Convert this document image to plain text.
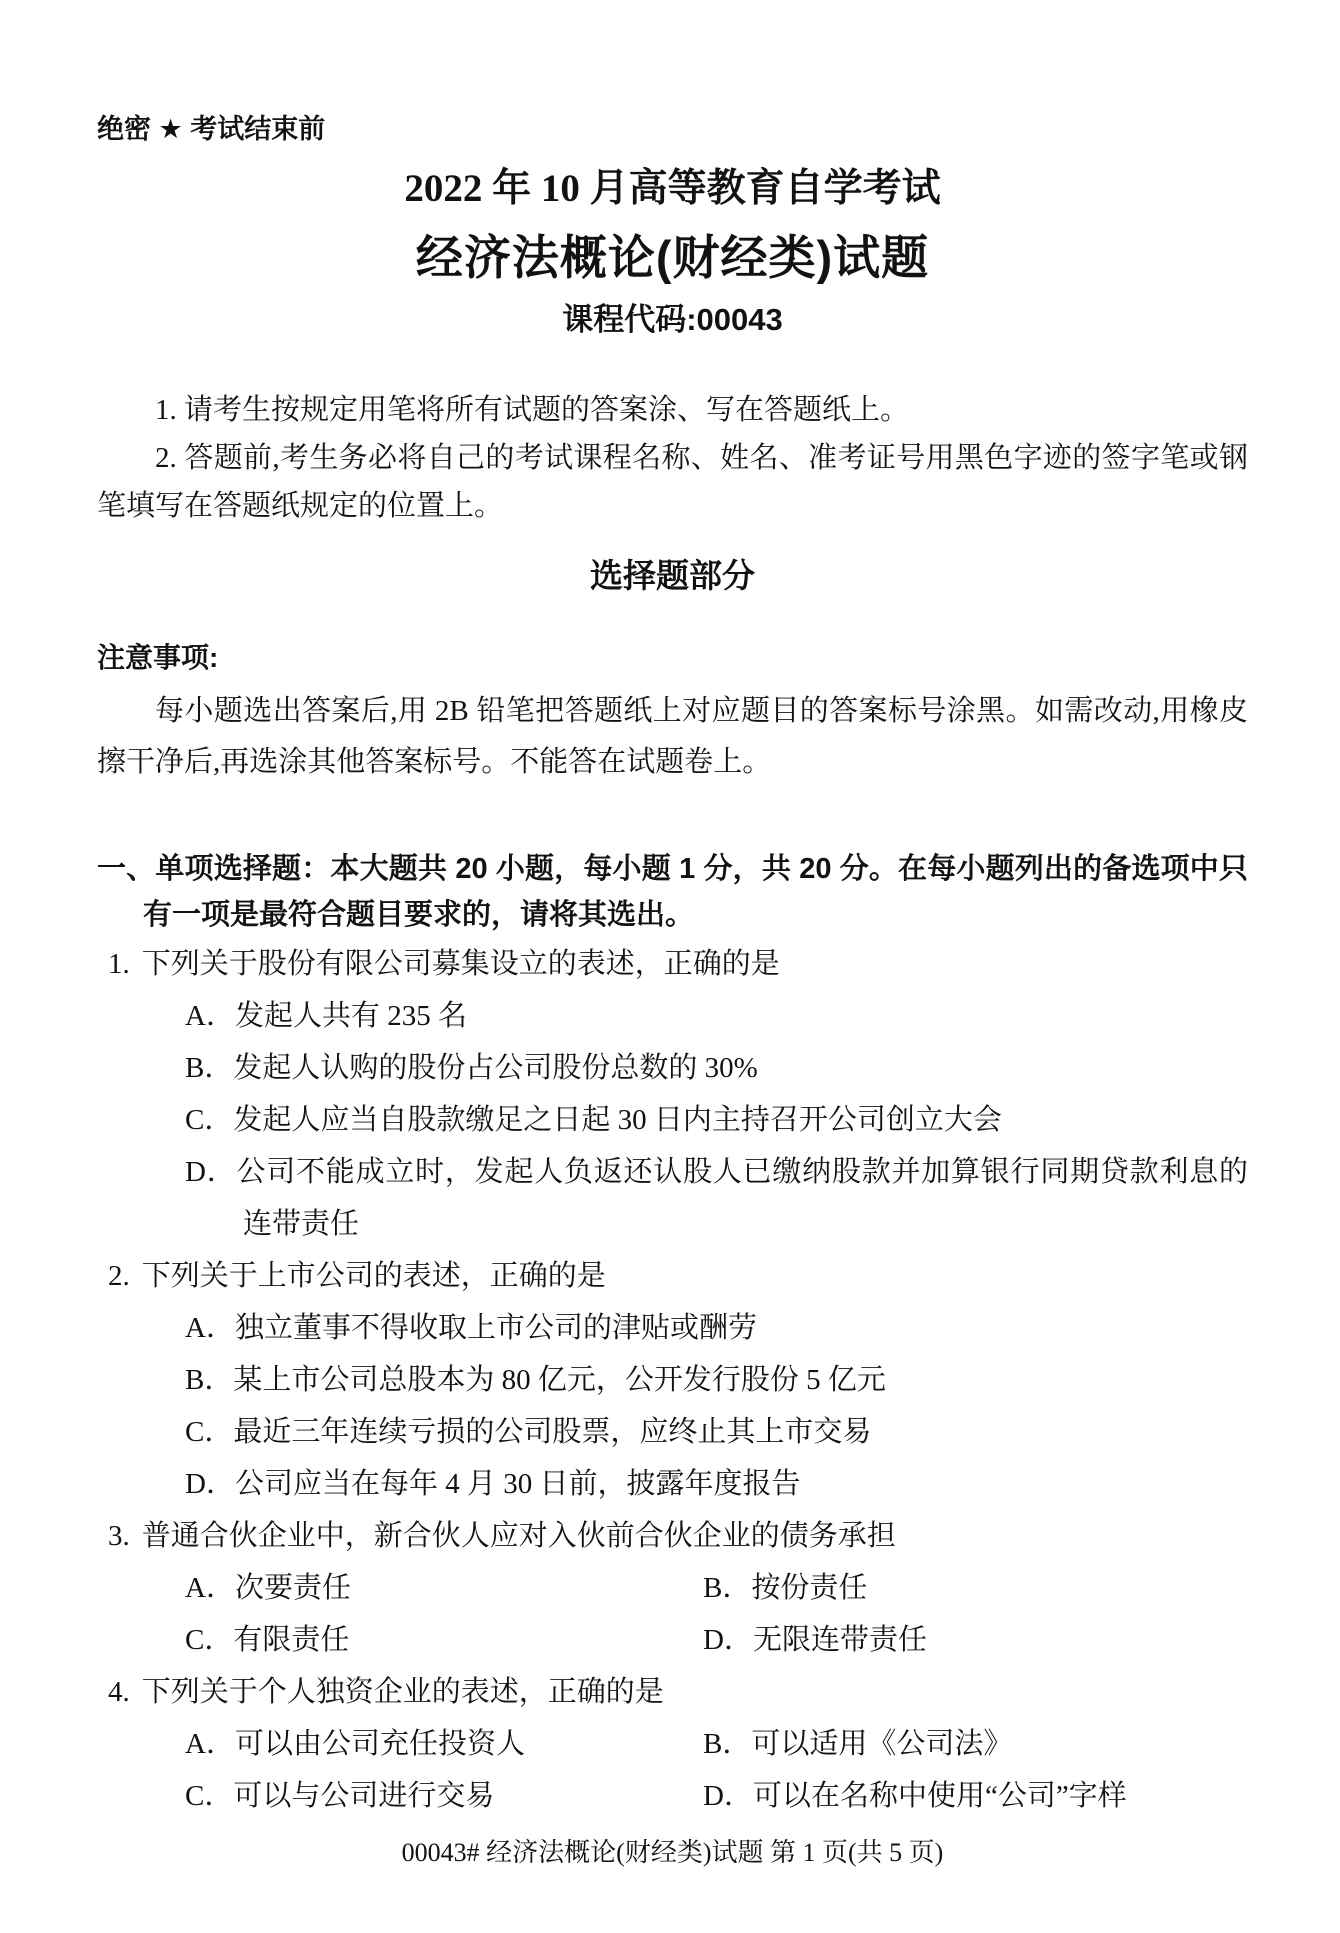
绝密 ★ 考试结束前
2022 年 10 月高等教育自学考试
经济法概论(财经类)试题
课程代码:00043

1. 请考生按规定用笔将所有试题的答案涂、写在答题纸上。

2. 答题前,考生务必将自己的考试课程名称、姓名、准考证号用黑色字迹的签字笔或钢笔填写在答题纸规定的位置上。

选择题部分
注意事项:

每小题选出答案后,用 2B 铅笔把答题纸上对应题目的答案标号涂黑。如需改动,用橡皮擦干净后,再选涂其他答案标号。不能答在试题卷上。

一、单项选择题：本大题共 20 小题，每小题 1 分，共 20 分。在每小题列出的备选项中只有一项是最符合题目要求的，请将其选出。
1. 下列关于股份有限公司募集设立的表述，正确的是
A．发起人共有 235 名
B．发起人认购的股份占公司股份总数的 30%
C．发起人应当自股款缴足之日起 30 日内主持召开公司创立大会
D．公司不能成立时，发起人负返还认股人已缴纳股款并加算银行同期贷款利息的连带责任
2. 下列关于上市公司的表述，正确的是
A．独立董事不得收取上市公司的津贴或酬劳
B．某上市公司总股本为 80 亿元，公开发行股份 5 亿元
C．最近三年连续亏损的公司股票，应终止其上市交易
D．公司应当在每年 4 月 30 日前，披露年度报告
3. 普通合伙企业中，新合伙人应对入伙前合伙企业的债务承担
A．次要责任	B．按份责任
C．有限责任	D．无限连带责任
4. 下列关于个人独资企业的表述，正确的是
A．可以由公司充任投资人	B．可以适用《公司法》
C．可以与公司进行交易	D．可以在名称中使用“公司”字样
00043# 经济法概论(财经类)试题 第 1 页(共 5 页)
